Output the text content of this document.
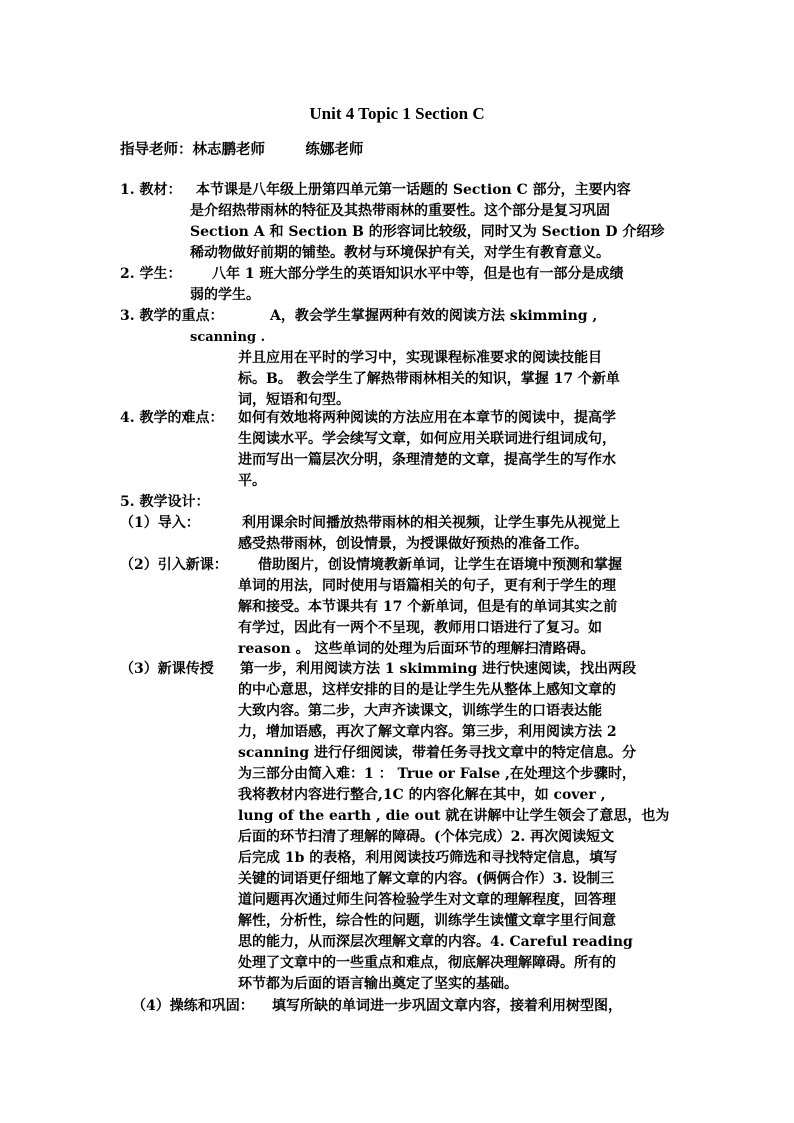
Unit 4 Topic 1 Section C
指导老师：林志鹏老师        练娜老师
1. 教材：	本节课是八年级上册第四单元第一话题的 Section C 部分，主要内容
是介绍热带雨林的特征及其热带雨林的重要性。这个部分是复习巩固
Section A 和 Section B 的形容词比较级，同时又为 Section D 介绍珍
稀动物做好前期的铺垫。教材与环境保护有关，对学生有教育意义。
2. 学生：	八年 1 班大部分学生的英语知识水平中等，但是也有一部分是成绩
弱的学生。
3. 教学的重点：	A，教会学生掌握两种有效的阅读方法 skimming ,
scanning .
并且应用在平时的学习中，实现课程标准要求的阅读技能目
标。B。 教会学生了解热带雨林相关的知识，掌握 17 个新单
词，短语和句型。
4. 教学的难点： 如何有效地将两种阅读的方法应用在本章节的阅读中，提高学
生阅读水平。学会续写文章，如何应用关联词进行组词成句，
进而写出一篇层次分明，条理清楚的文章，提高学生的写作水
平。
5. 教学设计：
（1）导入：	利用课余时间播放热带雨林的相关视频，让学生事先从视觉上
感受热带雨林，创设情景，为授课做好预热的准备工作。
（2）引入新课：	借助图片，创设情境教新单词，让学生在语境中预测和掌握
单词的用法，同时使用与语篇相关的句子，更有利于学生的理
解和接受。本节课共有 17 个新单词，但是有的单词其实之前
有学过，因此有一两个不呈现，教师用口语进行了复习。如
reason 。 这些单词的处理为后面环节的理解扫清路碍。
（3）新课传授 第一步，利用阅读方法 1 skimming 进行快速阅读，找出两段
的中心意思，这样安排的目的是让学生先从整体上感知文章的
大致内容。第二步，大声齐读课文，训练学生的口语表达能
力，增加语感，再次了解文章内容。第三步，利用阅读方法 2
scanning 进行仔细阅读，带着任务寻找文章中的特定信息。分
为三部分由简入难：1 ： True or False ,在处理这个步骤时，
我将教材内容进行整合,1C 的内容化解在其中，如 cover ,
lung of the earth , die out 就在讲解中让学生领会了意思，也为
后面的环节扫清了理解的障碍。(个体完成）2. 再次阅读短文
后完成 1b 的表格，利用阅读技巧筛选和寻找特定信息，填写
关键的词语更仔细地了解文章的内容。(俩俩合作）3. 设制三
道问题再次通过师生问答检验学生对文章的理解程度，回答理
解性，分析性，综合性的问题，训练学生读懂文章字里行间意
思的能力，从而深层次理解文章的内容。4. Careful reading
处理了文章中的一些重点和难点，彻底解决理解障碍。所有的
环节都为后面的语言输出奠定了坚实的基础。
（4）操练和巩固： 填写所缺的单词进一步巩固文章内容，接着利用树型图，
